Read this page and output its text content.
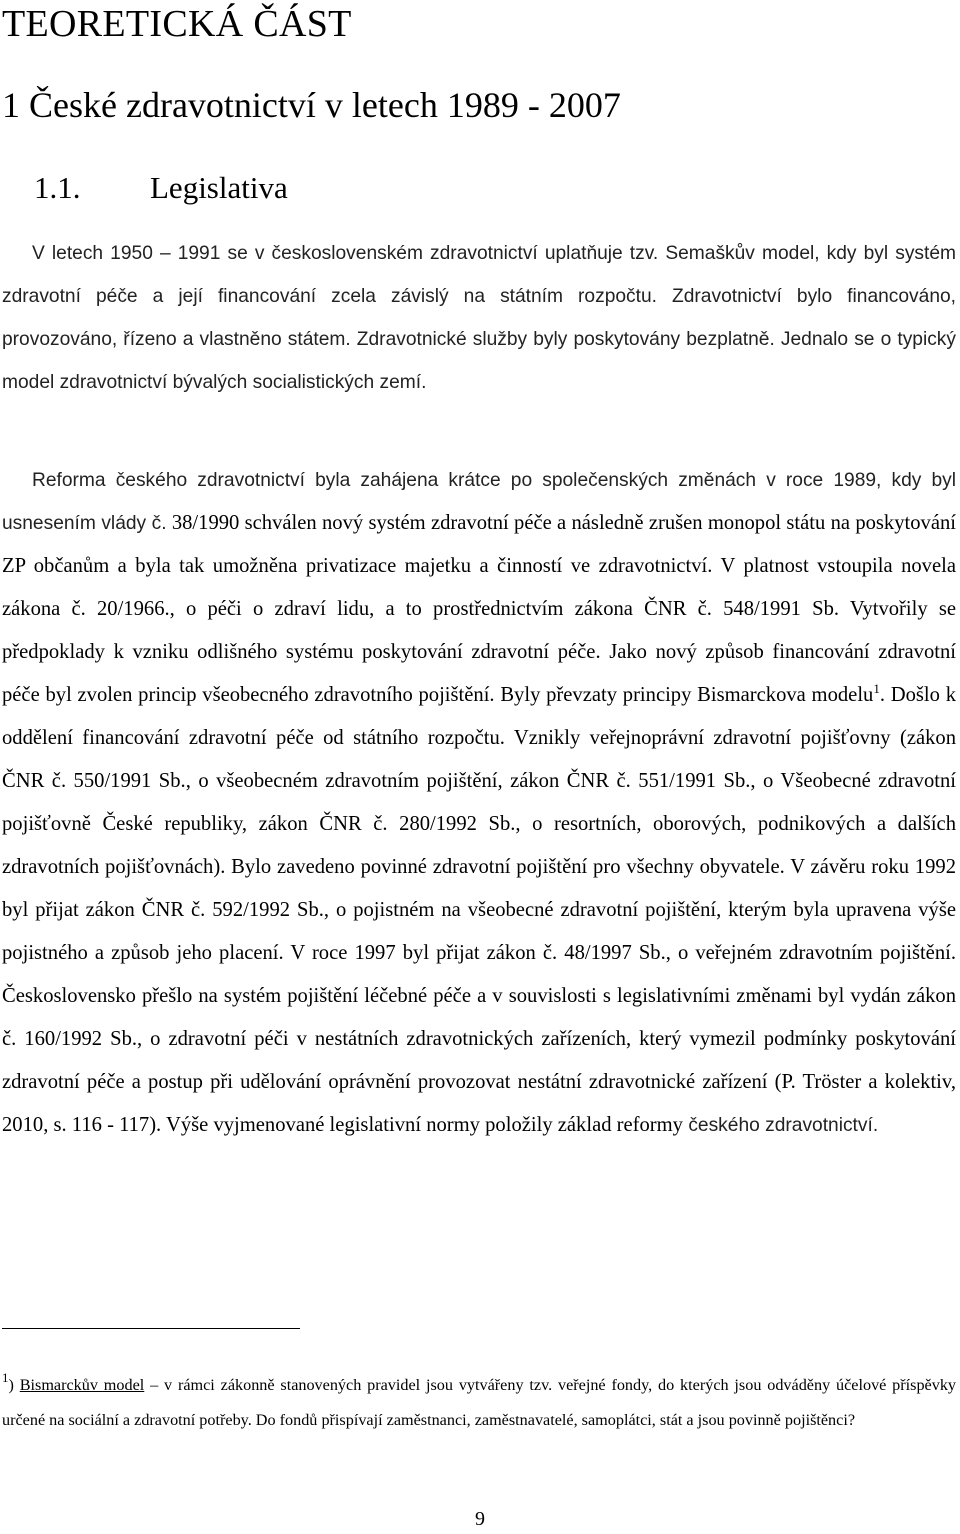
TEORETICKÁ ČÁST
1 České zdravotnictví v letech 1989 - 2007
1.1. Legislativa

V letech 1950 – 1991 se v československém zdravotnictví uplatňuje tzv. Semaškův model, kdy byl systém zdravotní péče a její financování zcela závislý na státním rozpočtu. Zdravotnictví bylo financováno, provozováno, řízeno a vlastněno státem. Zdravotnické služby byly poskytovány bezplatně. Jednalo se o typický model zdravotnictví bývalých socialistických zemí.

Reforma českého zdravotnictví byla zahájena krátce po společenských změnách v roce 1989, kdy byl usnesením vlády č. 38/1990 schválen nový systém zdravotní péče a následně zrušen monopol státu na poskytování ZP občanům a byla tak umožněna privatizace majetku a činností ve zdravotnictví. V platnost vstoupila novela zákona č. 20/1966., o péči o zdraví lidu, a to prostřednictvím zákona ČNR č. 548/1991 Sb. Vytvořily se předpoklady k vzniku odlišného systému poskytování zdravotní péče. Jako nový způsob financování zdravotní péče byl zvolen princip všeobecného zdravotního pojištění. Byly převzaty principy Bismarckova modelu$^1$. Došlo k oddělení financování zdravotní péče od státního rozpočtu. Vznikly veřejnoprávní zdravotní pojišťovny (zákon ČNR č. 550/1991 Sb., o všeobecném zdravotním pojištění, zákon ČNR č. 551/1991 Sb., o Všeobecné zdravotní pojišťovně České republiky, zákon ČNR č. 280/1992 Sb., o resortních, oborových, podnikových a dalších zdravotních pojišťovnách). Bylo zavedeno povinné zdravotní pojištění pro všechny obyvatele. V závěru roku 1992 byl přijat zákon ČNR č. 592/1992 Sb., o pojistném na všeobecné zdravotní pojištění, kterým byla upravena výše pojistného a způsob jeho placení. V roce 1997 byl přijat zákon č. 48/1997 Sb., o veřejném zdravotním pojištění. Československo přešlo na systém pojištění léčebné péče a v souvislosti s legislativními změnami byl vydán zákon č. 160/1992 Sb., o zdravotní péči v nestátních zdravotnických zařízeních, který vymezil podmínky poskytování zdravotní péče a postup při udělování oprávnění provozovat nestátní zdravotnické zařízení (P. Tröster a kolektiv, 2010, s. 116 - 117). Výše vyjmenované legislativní normy položily základ reformy českého zdravotnictví.

$^1$) Bismarckův model – v rámci zákonně stanovených pravidel jsou vytvářeny tzv. veřejné fondy, do kterých jsou odváděny účelové příspěvky určené na sociální a zdravotní potřeby. Do fondů přispívají zaměstnanci, zaměstnavatelé, samoplátci, stát a jsou povinně pojištěnci?

9
